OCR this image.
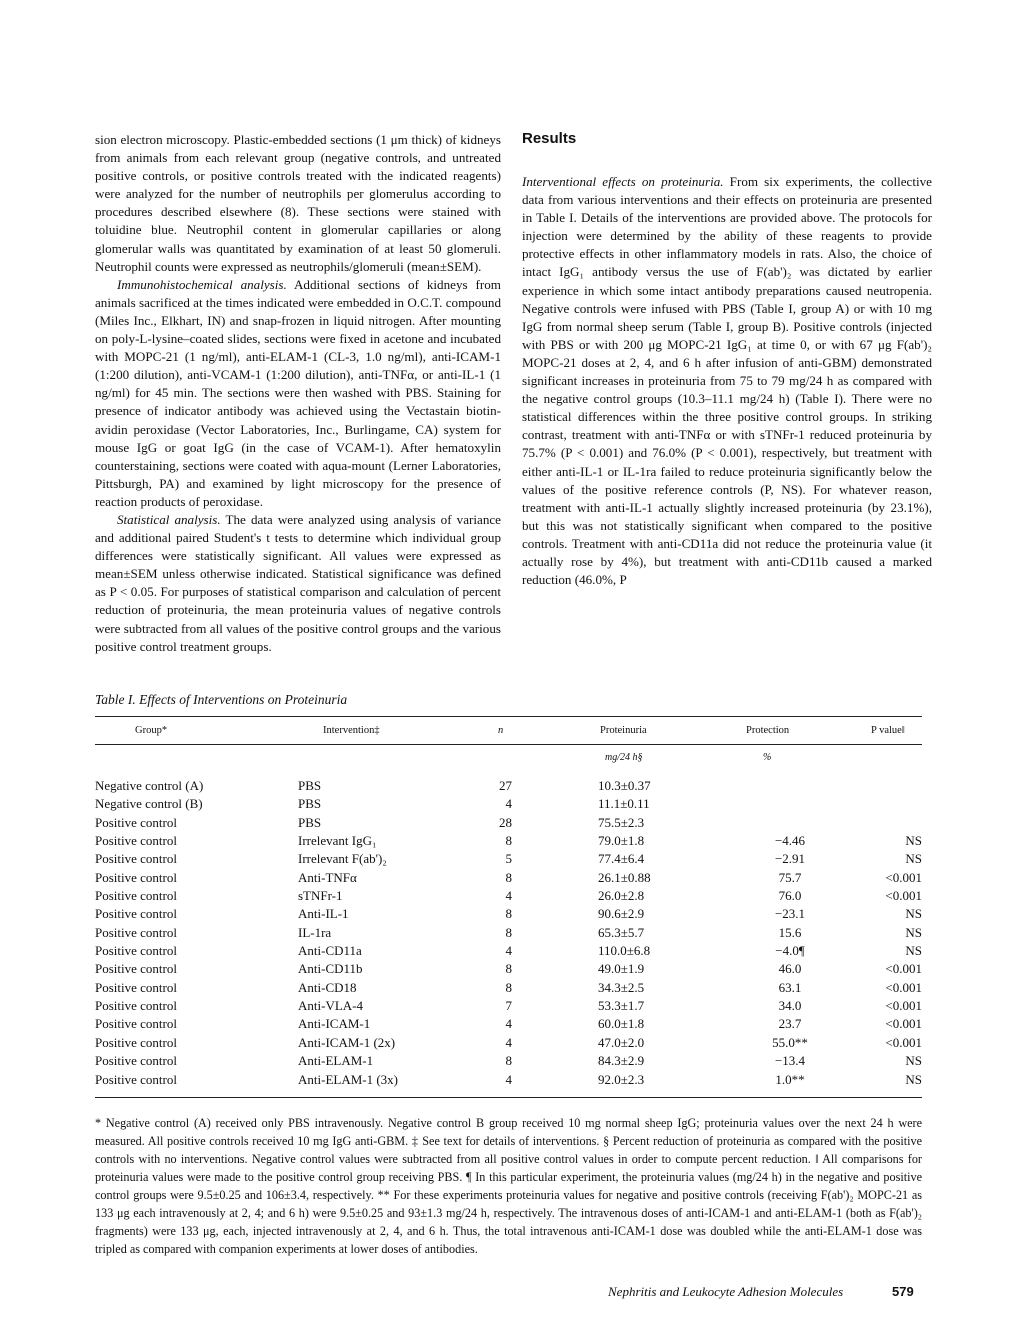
sion electron microscopy. Plastic-embedded sections (1 μm thick) of kidneys from animals from each relevant group (negative controls, and untreated positive controls, or positive controls treated with the indicated reagents) were analyzed for the number of neutrophils per glomerulus according to procedures described elsewhere (8). These sections were stained with toluidine blue. Neutrophil content in glomerular capillaries or along glomerular walls was quantitated by examination of at least 50 glomeruli. Neutrophil counts were expressed as neutrophils/glomeruli (mean±SEM).

Immunohistochemical analysis. Additional sections of kidneys from animals sacrificed at the times indicated were embedded in O.C.T. compound (Miles Inc., Elkhart, IN) and snap-frozen in liquid nitrogen. After mounting on poly-L-lysine–coated slides, sections were fixed in acetone and incubated with MOPC-21 (1 ng/ml), anti-ELAM-1 (CL-3, 1.0 ng/ml), anti-ICAM-1 (1:200 dilution), anti-VCAM-1 (1:200 dilution), anti-TNFα, or anti-IL-1 (1 ng/ml) for 45 min. The sections were then washed with PBS. Staining for presence of indicator antibody was achieved using the Vectastain biotin-avidin peroxidase (Vector Laboratories, Inc., Burlingame, CA) system for mouse IgG or goat IgG (in the case of VCAM-1). After hematoxylin counterstaining, sections were coated with aqua-mount (Lerner Laboratories, Pittsburgh, PA) and examined by light microscopy for the presence of reaction products of peroxidase.

Statistical analysis. The data were analyzed using analysis of variance and additional paired Student's t tests to determine which individual group differences were statistically significant. All values were expressed as mean±SEM unless otherwise indicated. Statistical significance was defined as P < 0.05. For purposes of statistical comparison and calculation of percent reduction of proteinuria, the mean proteinuria values of negative controls were subtracted from all values of the positive control groups and the various positive control treatment groups.

Results

Interventional effects on proteinuria. From six experiments, the collective data from various interventions and their effects on proteinuria are presented in Table I. Details of the interventions are provided above. The protocols for injection were determined by the ability of these reagents to provide protective effects in other inflammatory models in rats. Also, the choice of intact IgG₁ antibody versus the use of F(ab')₂ was dictated by earlier experience in which some intact antibody preparations caused neutropenia. Negative controls were infused with PBS (Table I, group A) or with 10 mg IgG from normal sheep serum (Table I, group B). Positive controls (injected with PBS or with 200 μg MOPC-21 IgG₁ at time 0, or with 67 μg F(ab')₂ MOPC-21 doses at 2, 4, and 6 h after infusion of anti-GBM) demonstrated significant increases in proteinuria from 75 to 79 mg/24 h as compared with the negative control groups (10.3–11.1 mg/24 h) (Table I). There were no statistical differences within the three positive control groups. In striking contrast, treatment with anti-TNFα or with sTNFr-1 reduced proteinuria by 75.7% (P < 0.001) and 76.0% (P < 0.001), respectively, but treatment with either anti-IL-1 or IL-1ra failed to reduce proteinuria significantly below the values of the positive reference controls (P, NS). For whatever reason, treatment with anti-IL-1 actually slightly increased proteinuria (by 23.1%), but this was not statistically significant when compared to the positive controls. Treatment with anti-CD11a did not reduce the proteinuria value (it actually rose by 4%), but treatment with anti-CD11b caused a marked reduction (46.0%, P

Table I. Effects of Interventions on Proteinuria
Group*	Intervention‡	n	Proteinuria	Protection	P value‖
mg/24 h§	%
Negative control (A)	PBS	27	10.3±0.37
Negative control (B)	PBS	4	11.1±0.11
Positive control	PBS	28	75.5±2.3
Positive control	Irrelevant IgG₁	8	79.0±1.8	−4.46	NS
Positive control	Irrelevant F(ab')₂	5	77.4±6.4	−2.91	NS
Positive control	Anti-TNFα	8	26.1±0.88	75.7	<0.001
Positive control	sTNFr-1	4	26.0±2.8	76.0	<0.001
Positive control	Anti-IL-1	8	90.6±2.9	−23.1	NS
Positive control	IL-1ra	8	65.3±5.7	15.6	NS
Positive control	Anti-CD11a	4	110.0±6.8	−4.0¶	NS
Positive control	Anti-CD11b	8	49.0±1.9	46.0	<0.001
Positive control	Anti-CD18	8	34.3±2.5	63.1	<0.001
Positive control	Anti-VLA-4	7	53.3±1.7	34.0	<0.001
Positive control	Anti-ICAM-1	4	60.0±1.8	23.7	<0.001
Positive control	Anti-ICAM-1 (2x)	4	47.0±2.0	55.0**	<0.001
Positive control	Anti-ELAM-1	8	84.3±2.9	−13.4	NS
Positive control	Anti-ELAM-1 (3x)	4	92.0±2.3	1.0**	NS
* Negative control (A) received only PBS intravenously. Negative control B group received 10 mg normal sheep IgG; proteinuria values over the next 24 h were measured. All positive controls received 10 mg IgG anti-GBM. ‡ See text for details of interventions. § Percent reduction of proteinuria as compared with the positive controls with no interventions. Negative control values were subtracted from all positive control values in order to compute percent reduction. ‖ All comparisons for proteinuria values were made to the positive control group receiving PBS. ¶ In this particular experiment, the proteinuria values (mg/24 h) in the negative and positive control groups were 9.5±0.25 and 106±3.4, respectively. ** For these experiments proteinuria values for negative and positive controls (receiving F(ab')₂ MOPC-21 as 133 μg each intravenously at 2, 4; and 6 h) were 9.5±0.25 and 93±1.3 mg/24 h, respectively. The intravenous doses of anti-ICAM-1 and anti-ELAM-1 (both as F(ab')₂ fragments) were 133 μg, each, injected intravenously at 2, 4, and 6 h. Thus, the total intravenous anti-ICAM-1 dose was doubled while the anti-ELAM-1 dose was tripled as compared with companion experiments at lower doses of antibodies.
Nephritis and Leukocyte Adhesion Molecules	579
